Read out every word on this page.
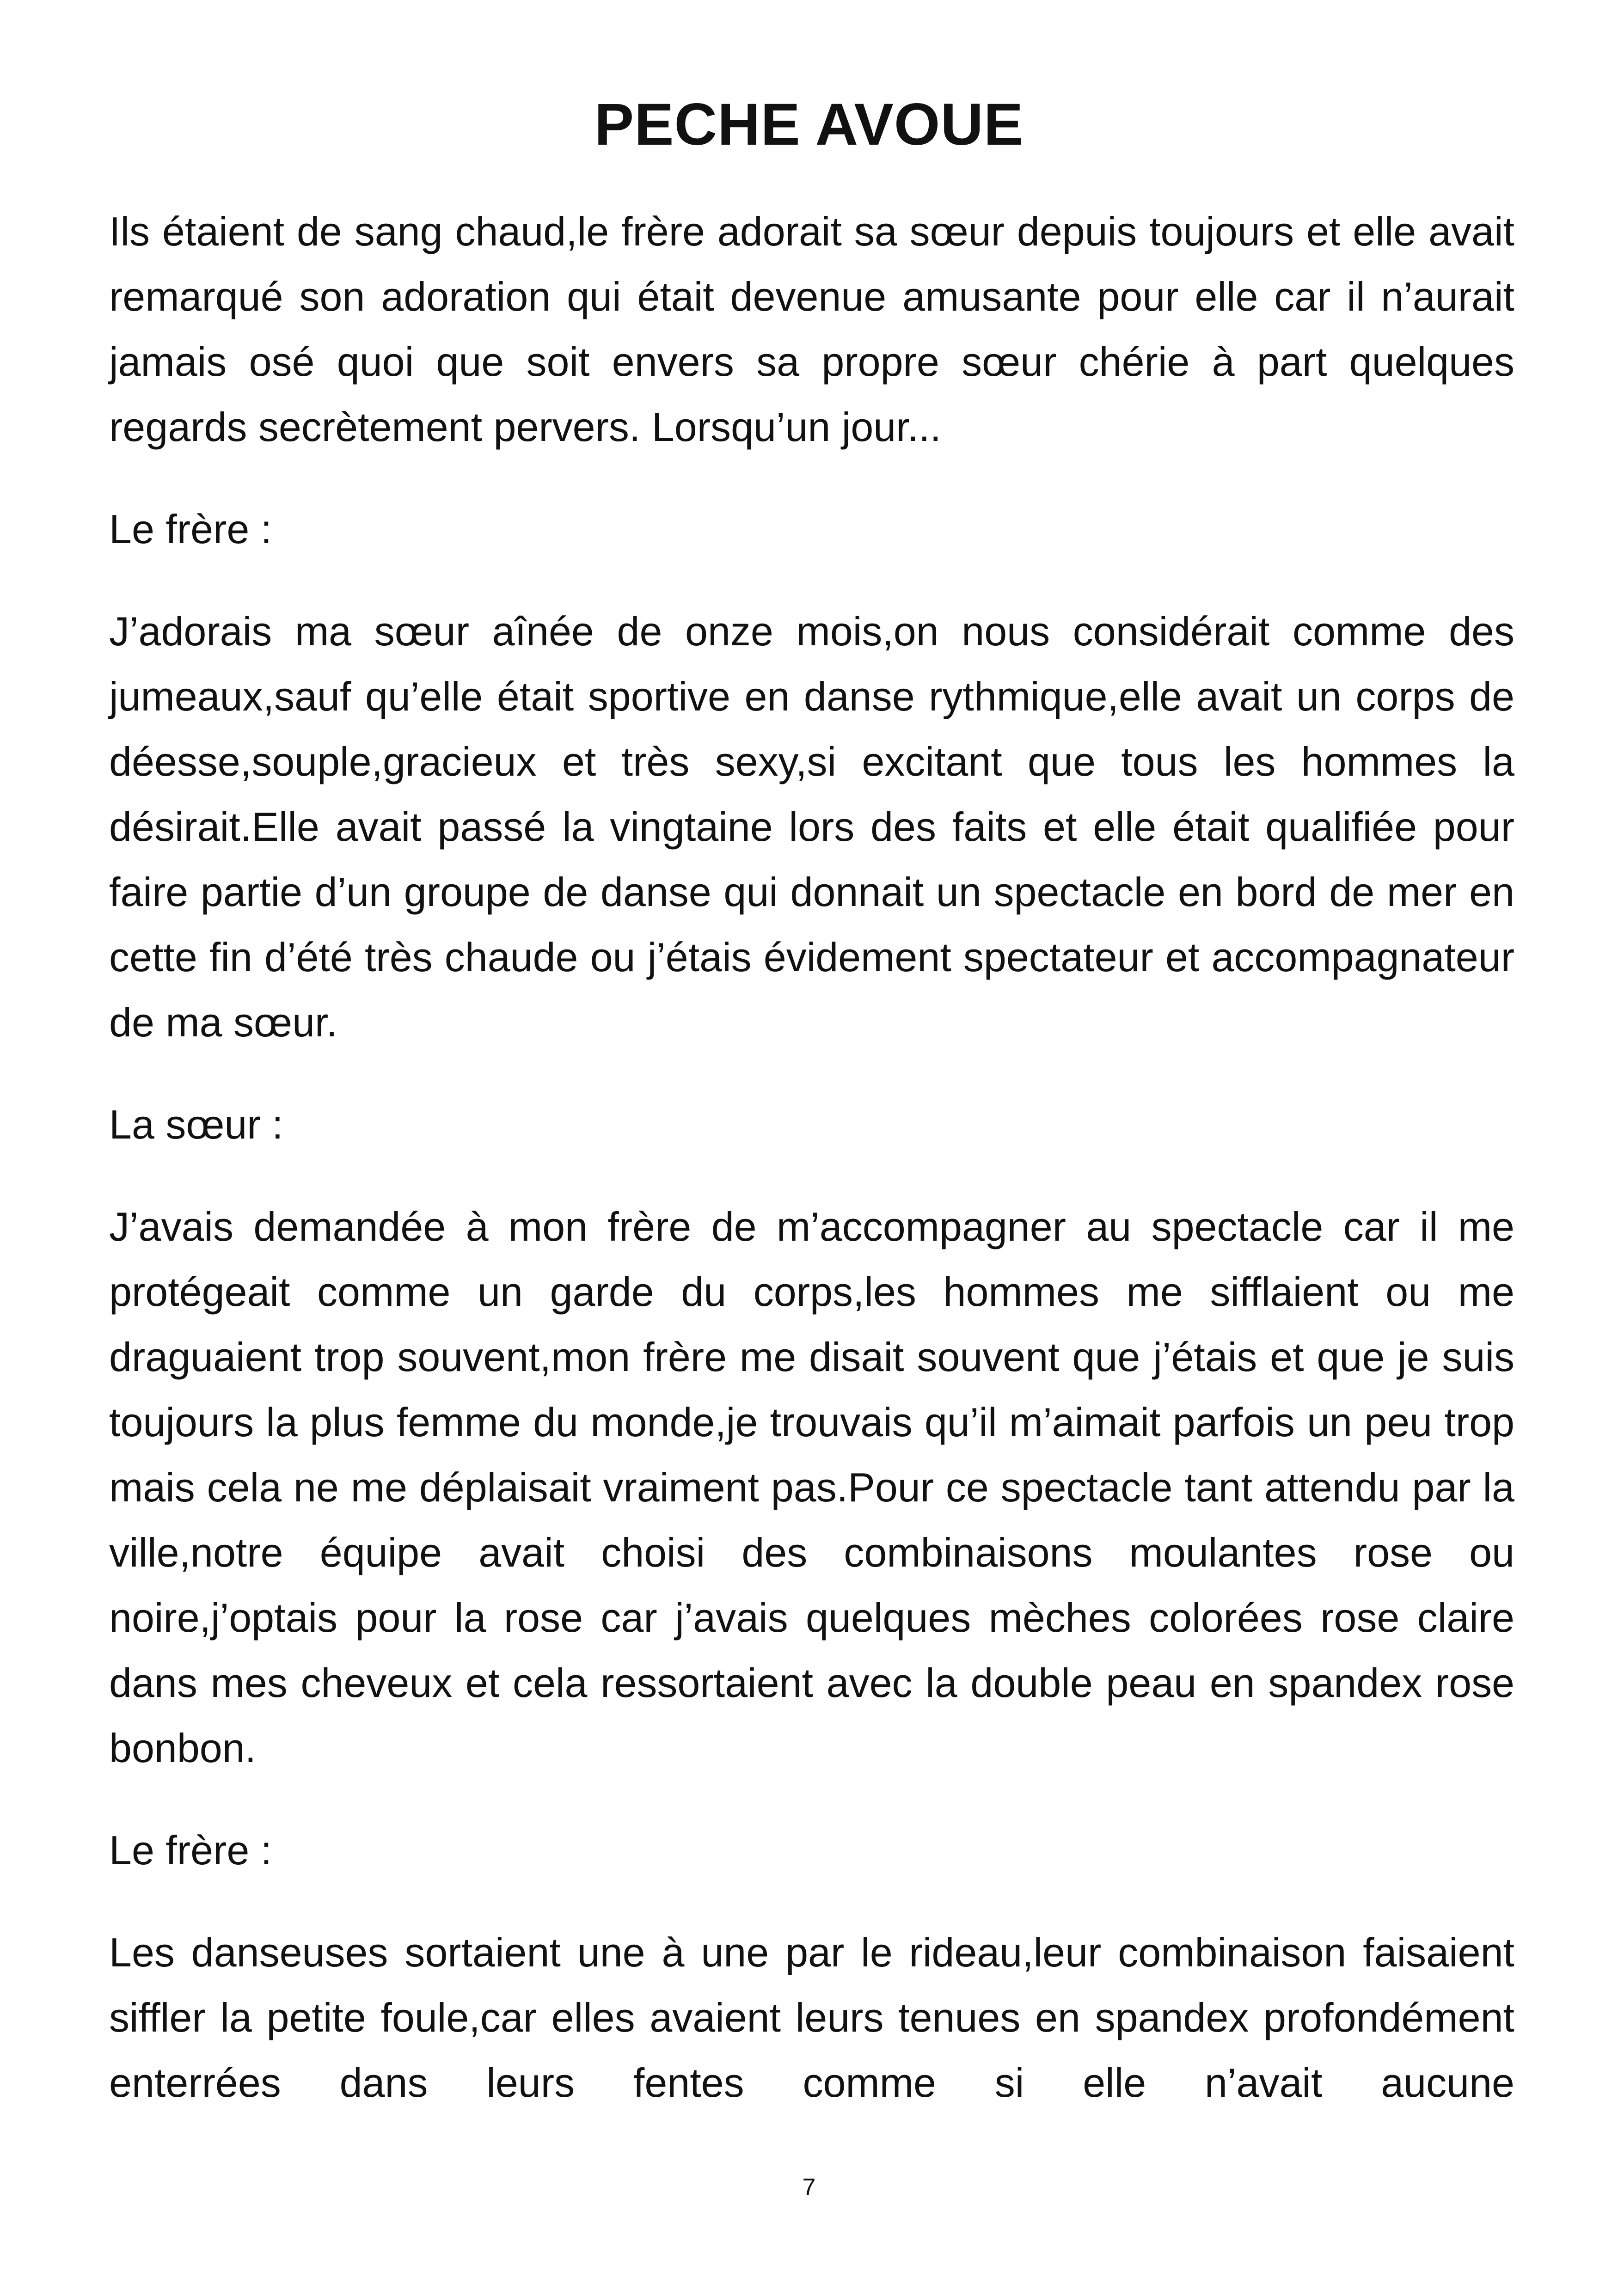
PECHE AVOUE

Ils étaient de sang chaud,le frère adorait sa sœur depuis toujours et elle avait remarqué son adoration qui était devenue amusante pour elle car il n’aurait jamais osé quoi que soit envers sa propre sœur chérie à part quelques regards secrètement pervers. Lorsqu’un jour...

Le frère :

J’adorais ma sœur aînée de onze mois,on nous considérait comme des jumeaux,sauf qu’elle était sportive en danse rythmique,elle avait un corps de déesse,souple,gracieux et très sexy,si excitant que tous les hommes la désirait.Elle avait passé la vingtaine lors des faits et elle était qualifiée pour faire partie d’un groupe de danse qui donnait un spectacle en bord de mer en cette fin d’été très chaude ou j’étais évidement spectateur et accompagnateur de ma sœur.

La sœur :

J’avais demandée à mon frère de m’accompagner au spectacle car il me protégeait comme un garde du corps,les hommes me sifflaient ou me draguaient trop souvent,mon frère me disait souvent que j’étais et que je suis toujours la plus femme du monde,je trouvais qu’il m’aimait parfois un peu trop mais cela ne me déplaisait vraiment pas.Pour ce spectacle tant attendu par la ville,notre équipe avait choisi des combinaisons moulantes rose ou noire,j’optais pour la rose car j’avais quelques mèches colorées rose claire dans mes cheveux et cela ressortaient avec la double peau en spandex rose bonbon.

Le frère :

Les danseuses sortaient une à une par le rideau,leur combinaison faisaient siffler la petite foule,car elles avaient leurs tenues en spandex profondément enterrées dans leurs fentes comme si elle n’avait aucune

7
